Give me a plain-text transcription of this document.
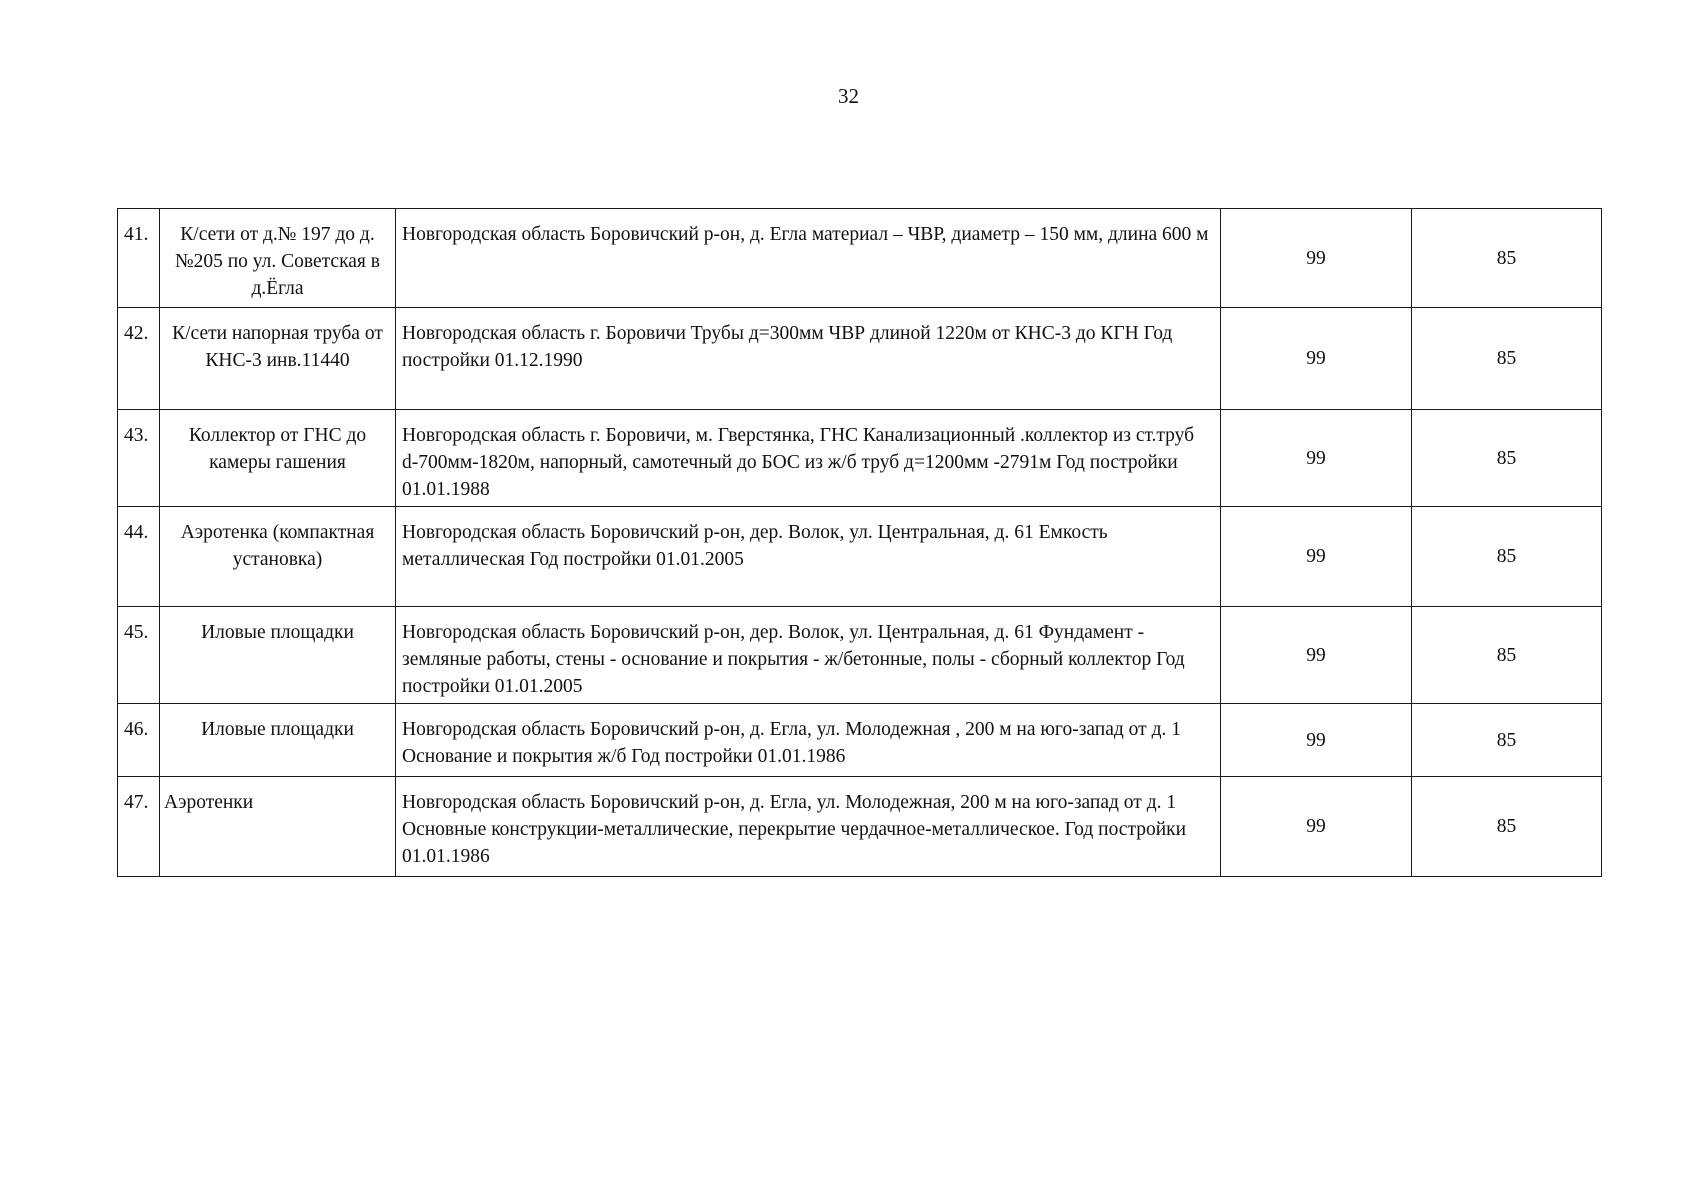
32
41.	К/сети от д.№ 197 до д.№205 по ул. Советская в д.Ёгла	Новгородская область Боровичский р-он, д. Егла материал – ЧВР, диаметр – 150 мм, длина 600 м	99	85
42.	К/сети напорная труба от КНС-3 инв.11440	Новгородская область г. Боровичи Трубы д=300мм ЧВР длиной 1220м от КНС-3 до КГН Год постройки 01.12.1990	99	85
43.	Коллектор от ГНС до камеры гашения	Новгородская область г. Боровичи, м. Гверстянка, ГНС Канализационный .коллектор из ст.труб d-700мм-1820м, напорный, самотечный до БОС из ж/б труб д=1200мм -2791м Год постройки 01.01.1988	99	85
44.	Аэротенка (компактная установка)	Новгородская область Боровичский р-он, дер. Волок, ул. Центральная, д. 61 Емкость металлическая Год постройки 01.01.2005	99	85
45.	Иловые площадки	Новгородская область Боровичский р-он, дер. Волок, ул. Центральная, д. 61 Фундамент - земляные работы, стены - основание и покрытия - ж/бетонные, полы - сборный коллектор Год постройки 01.01.2005	99	85
46.	Иловые площадки	Новгородская область Боровичский р-он, д. Егла, ул. Молодежная , 200 м на юго-запад от д. 1 Основание и покрытия ж/б Год постройки 01.01.1986	99	85
47.	Аэротенки	Новгородская область Боровичский р-он, д. Егла, ул. Молодежная, 200 м на юго-запад от д. 1 Основные конструкции-металлические, перекрытие чердачное-металлическое. Год постройки 01.01.1986	99	85
